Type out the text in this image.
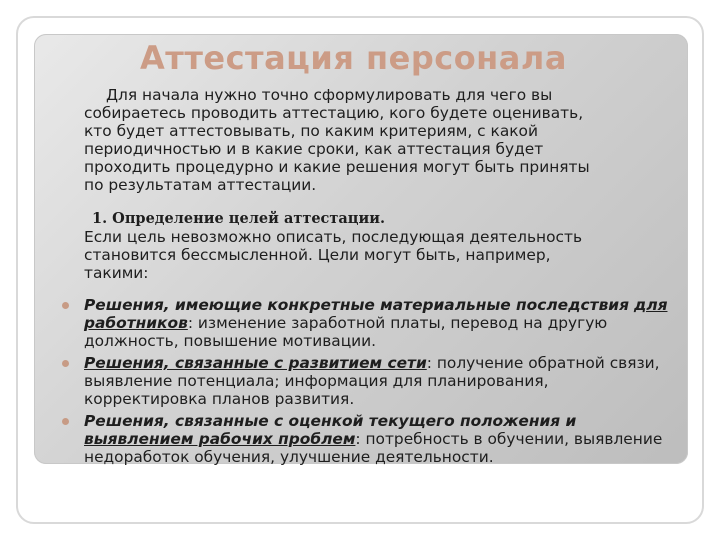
Аттестация персонала
Для начала нужно точно сформулировать для чего вы
собираетесь проводить аттестацию, кого будете оценивать,
кто будет аттестовывать, по каким критериям, с какой
периодичностью и в какие сроки, как аттестация будет
проходить процедурно и какие решения могут быть приняты
по результатам аттестации.
1. Определение целей аттестации.
Если цель невозможно описать, последующая деятельность
становится бессмысленной. Цели могут быть, например,
такими:
Решения, имеющие конкретные материальные последствия для работников: изменение заработной платы, перевод на другую должность, повышение мотивации.
Решения, связанные с развитием сети: получение обратной связи, выявление потенциала; информация для планирования, корректировка планов развития.
Решения, связанные с оценкой текущего положения и выявлением рабочих проблем: потребность в обучении, выявление недоработок обучения, улучшение деятельности.
